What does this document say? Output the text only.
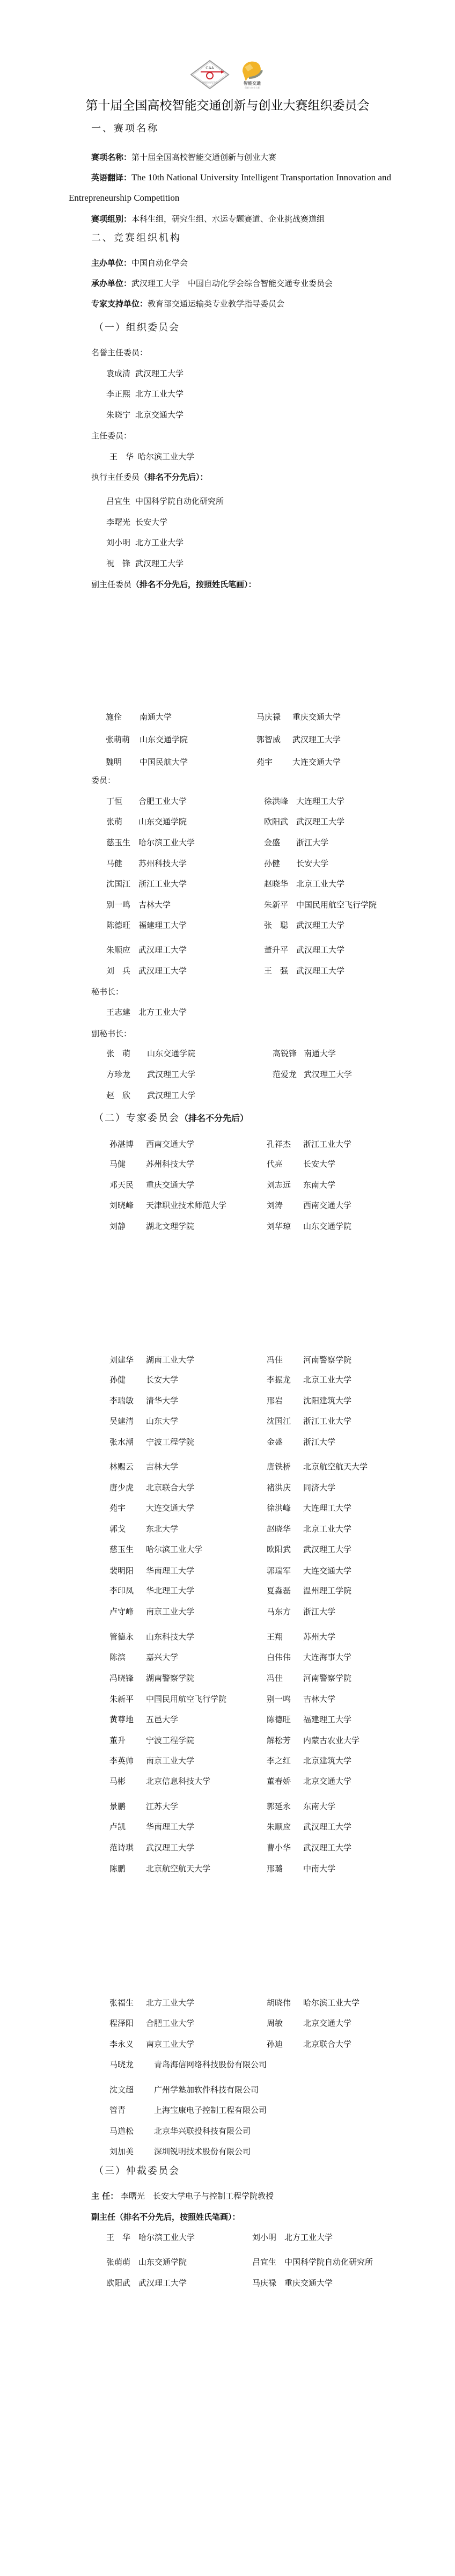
CAA
中国自动化学会	智能交通
创新与创业大赛
第十届全国高校智能交通创新与创业大赛组织委员会
一、赛项名称
赛项名称：第十届全国高校智能交通创新与创业大赛
英语翻译：The 10th National University Intelligent Transportation Innovation and
Entrepreneurship Competition
赛项组别：本科生组，研究生组、水运专题赛道、企业挑战赛道组
二、竞赛组织机构
主办单位：中国自动化学会
承办单位：武汉理工大学　中国自动化学会综合智能交通专业委员会
专家支持单位：教育部交通运输类专业教学指导委员会
（一）组织委员会
名誉主任委员：
袁成清 武汉理工大学
李正熙 北方工业大学
朱晓宁 北京交通大学
主任委员：
王　华 哈尔滨工业大学
执行主任委员（排名不分先后）：
吕宜生 中国科学院自动化研究所
李曙光 长安大学
刘小明 北方工业大学
祝　锋 武汉理工大学
副主任委员（排名不分先后，按照姓氏笔画）：
施佺 南通大学	马庆禄 重庆交通大学
张萌萌 山东交通学院	郭智威 武汉理工大学
魏明 中国民航大学	苑宇 大连交通大学
委员：
丁恒 合肥工业大学	徐洪峰 大连理工大学
张萌 山东交通学院	欧阳武 武汉理工大学
慈玉生 哈尔滨工业大学	金盛 浙江大学
马健 苏州科技大学	孙健 长安大学
沈国江 浙江工业大学	赵晓华 北京工业大学
别一鸣 吉林大学	朱新平 中国民用航空飞行学院
陈德旺 福建理工大学	张　聪 武汉理工大学
朱顺应 武汉理工大学	董升平 武汉理工大学
刘　兵 武汉理工大学	王　强 武汉理工大学
秘书长：
王志建 北方工业大学
副秘书长：
张　萌 山东交通学院	高锐锋 南通大学
方珍龙 武汉理工大学	范爱龙 武汉理工大学
赵　欣 武汉理工大学
（二）专家委员会（排名不分先后）
孙湛博 西南交通大学	孔祥杰 浙江工业大学
马健	苏州科技大学	代亮	长安大学
邓天民 重庆交通大学	刘志远 东南大学
刘晓峰 天津职业技术师范大学	刘涛	西南交通大学
刘静	湖北文理学院	刘华琼 山东交通学院
刘建华 湖南工业大学	冯佳	河南警察学院
孙健	长安大学	李振龙 北京工业大学
李瑞敏 清华大学	邢岩	沈阳建筑大学
吴建清 山东大学	沈国江 浙江工业大学
张水潮 宁波工程学院	金盛	浙江大学
林赐云 吉林大学	唐铁桥 北京航空航天大学
唐少虎 北京联合大学	褚洪庆 同济大学
苑宇	大连交通大学	徐洪峰 大连理工大学
郭戈	东北大学	赵晓华 北京工业大学
慈玉生 哈尔滨工业大学	欧阳武 武汉理工大学
裴明阳 华南理工大学	郭瑞军 大连交通大学
李印凤 华北理工大学	夏淼磊 温州理工学院
卢守峰 南京工业大学	马东方 浙江大学
管德永 山东科技大学	王翔	苏州大学
陈滨	嘉兴大学	白伟伟 大连海事大学
冯晓锋 湖南警察学院	冯佳	河南警察学院
朱新平 中国民用航空飞行学院	别一鸣 吉林大学
黄尊地 五邑大学	陈德旺 福建理工大学
董升	宁波工程学院	解松芳 内蒙古农业大学
李英帅 南京工业大学	李之红 北京建筑大学
马彬	北京信息科技大学	董春娇 北京交通大学
景鹏	江苏大学	郭延永 东南大学
卢凯	华南理工大学	朱顺应 武汉理工大学
范诗琪 武汉理工大学	曹小华 武汉理工大学
陈鹏	北京航空航天大学	邢璐	中南大学
张福生 北方工业大学	胡晓伟 哈尔滨工业大学
程泽阳 合肥工业大学	周敏	北京交通大学
李永义 南京工业大学	孙迪	北京联合大学
马晓龙	青岛海信网络科技股份有限公司
沈文超	广州学塾加软件科技有限公司
管青	上海宝康电子控制工程有限公司
马道松	北京华兴联投科技有限公司
刘加美	深圳锐明技术股份有限公司
（三）仲裁委员会
主 任： 李曙光　长安大学电子与控制工程学院教授
副主任（排名不分先后，按照姓氏笔画）：
王　华 哈尔滨工业大学	刘小明 北方工业大学
张萌萌 山东交通学院	吕宜生 中国科学院自动化研究所
欧阳武 武汉理工大学	马庆禄 重庆交通大学
